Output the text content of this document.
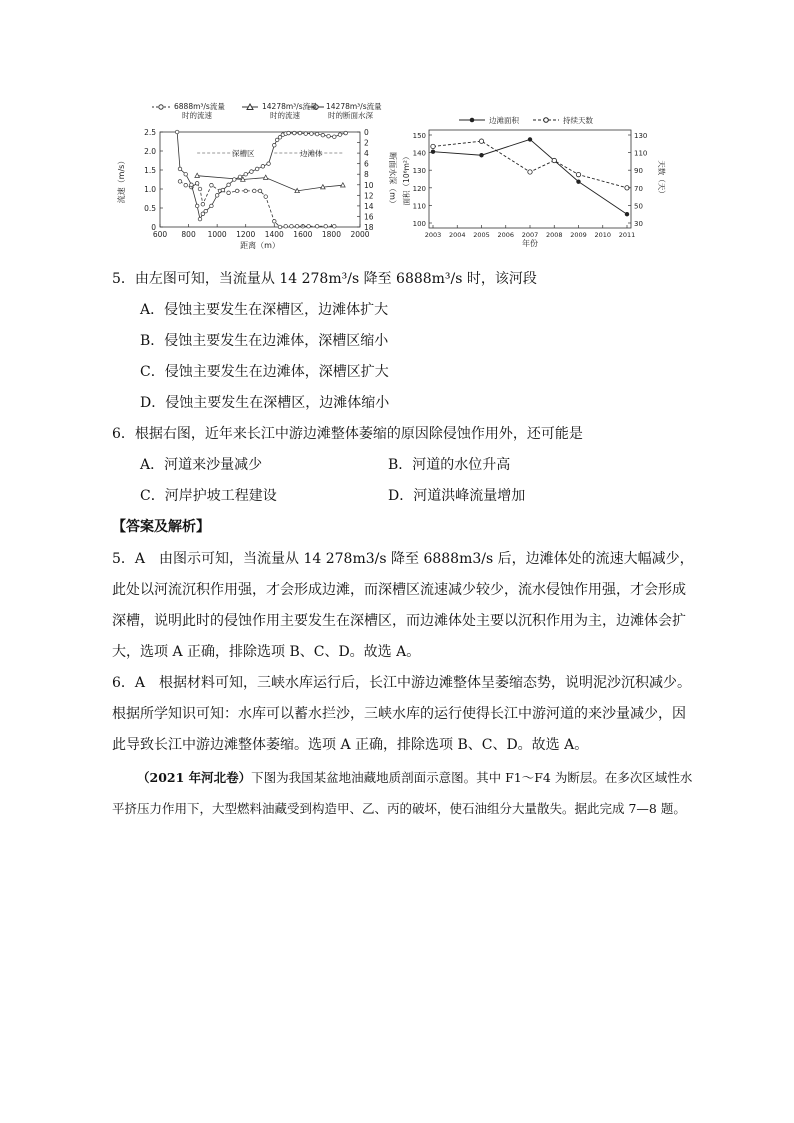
6888m³/s流量
时的流速
14278m³/s流量
时的流速
14278m³/s流量
时的断面水深
600 800 1000 1200 1400 1600 1800 2000
0
0.5
1.0
1.5
2.0
2.5	0
2
4
6
8
10
12
14
16
18
距离（m）
流速（m/s）	断面水深（m）
深槽区	边滩体
边滩面积	持续天数
2003 2004 2005 2006 2007 2008 2009 2010 2011
100
110
120
130
140
150
30
50
70
90
110
130
年份
面积（10⁶m²）	天数（天）
5．由左图可知，当流量从 14 278m³/s 降至 6888m³/s 时，该河段
A．侵蚀主要发生在深槽区，边滩体扩大
B．侵蚀主要发生在边滩体，深槽区缩小
C．侵蚀主要发生在边滩体，深槽区扩大
D．侵蚀主要发生在深槽区，边滩体缩小
6．根据右图，近年来长江中游边滩整体萎缩的原因除侵蚀作用外，还可能是
A．河道来沙量减少	B．河道的水位升高
C．河岸护坡工程建设	D．河道洪峰流量增加
【答案及解析】
5．A　由图示可知，当流量从 14 278m3/s 降至 6888m3/s 后，边滩体处的流速大幅减少，此处以河流沉积作用强，才会形成边滩，而深槽区流速减少较少，流水侵蚀作用强，才会形成深槽，说明此时的侵蚀作用主要发生在深槽区，而边滩体处主要以沉积作用为主，边滩体会扩大，选项 A 正确，排除选项 B、C、D。故选 A。
6．A　根据材料可知，三峡水库运行后，长江中游边滩整体呈萎缩态势，说明泥沙沉积减少。根据所学知识可知：水库可以蓄水拦沙，三峡水库的运行使得长江中游河道的来沙量减少，因此导致长江中游边滩整体萎缩。选项 A 正确，排除选项 B、C、D。故选 A。
（2021 年河北卷）下图为我国某盆地油藏地质剖面示意图。其中 F1～F4 为断层。在多次区域性水平挤压力作用下，大型燃料油藏受到构造甲、乙、丙的破坏，使石油组分大量散失。据此完成 7—8 题。
